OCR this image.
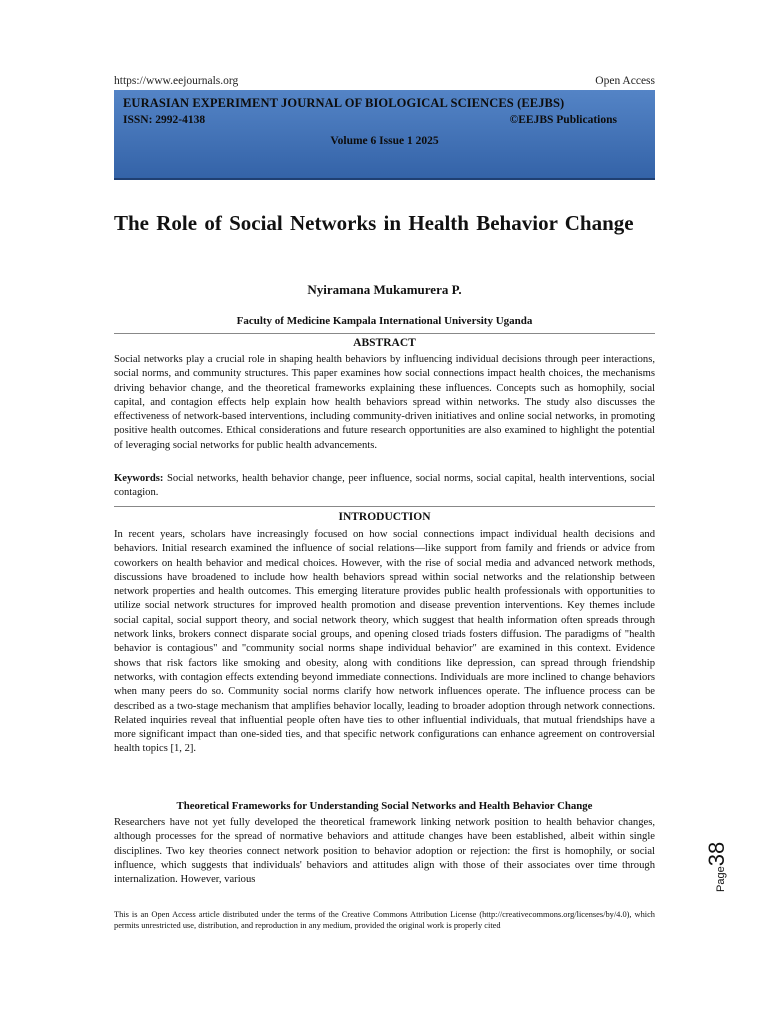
https://www.eejournals.org	Open Access
EURASIAN EXPERIMENT JOURNAL OF BIOLOGICAL SCIENCES (EEJBS)
ISSN: 2992-4138	©EEJBS Publications
Volume 6 Issue 1 2025
The Role of Social Networks in Health Behavior Change
Nyiramana Mukamurera P.
Faculty of Medicine Kampala International University Uganda
ABSTRACT

Social networks play a crucial role in shaping health behaviors by influencing individual decisions through peer interactions, social norms, and community structures. This paper examines how social connections impact health choices, the mechanisms driving behavior change, and the theoretical frameworks explaining these influences. Concepts such as homophily, social capital, and contagion effects help explain how health behaviors spread within networks. The study also discusses the effectiveness of network-based interventions, including community-driven initiatives and online social networks, in promoting positive health outcomes. Ethical considerations and future research opportunities are also examined to highlight the potential of leveraging social networks for public health advancements.

Keywords: Social networks, health behavior change, peer influence, social norms, social capital, health interventions, social contagion.

INTRODUCTION

In recent years, scholars have increasingly focused on how social connections impact individual health decisions and behaviors. Initial research examined the influence of social relations—like support from family and friends or advice from coworkers on health behavior and medical choices. However, with the rise of social media and advanced network methods, discussions have broadened to include how health behaviors spread within social networks and the relationship between network properties and health outcomes. This emerging literature provides public health professionals with opportunities to utilize social network structures for improved health promotion and disease prevention interventions. Key themes include social capital, social support theory, and social network theory, which suggest that health information often spreads through network links, brokers connect disparate social groups, and opening closed triads fosters diffusion. The paradigms of "health behavior is contagious" and "community social norms shape individual behavior" are examined in this context. Evidence shows that risk factors like smoking and obesity, along with conditions like depression, can spread through friendship networks, with contagion effects extending beyond immediate connections. Individuals are more inclined to change behaviors when many peers do so. Community social norms clarify how network influences operate. The influence process can be described as a two-stage mechanism that amplifies behavior locally, leading to broader adoption through network connections. Related inquiries reveal that influential people often have ties to other influential individuals, that mutual friendships have a more significant impact than one-sided ties, and that specific network configurations can enhance agreement on controversial health topics [1, 2].

Theoretical Frameworks for Understanding Social Networks and Health Behavior Change

Researchers have not yet fully developed the theoretical framework linking network position to health behavior changes, although processes for the spread of normative behaviors and attitude changes have been established, albeit within single disciplines. Two key theories connect network position to behavior adoption or rejection: the first is homophily, or social influence, which suggests that individuals' behaviors and attitudes align with those of their associates over time through internalization. However, various

This is an Open Access article distributed under the terms of the Creative Commons Attribution License (http://creativecommons.org/licenses/by/4.0), which permits unrestricted use, distribution, and reproduction in any medium, provided the original work is properly cited

Page38
